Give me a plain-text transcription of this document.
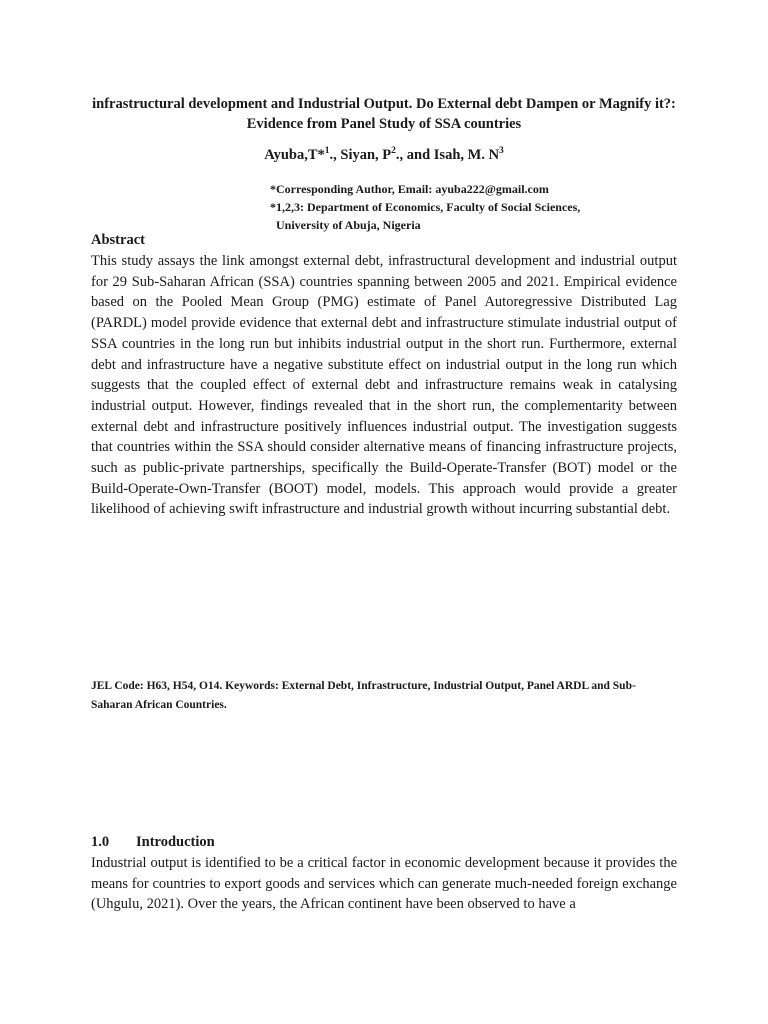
infrastructural development and Industrial Output. Do External debt Dampen or Magnify it?: Evidence from Panel Study of SSA countries
Ayuba,T*$^1$., Siyan, $P^2$., and Isah, M. $N^3$
*Corresponding Author, Email: ayuba222@gmail.com
*1,2,3: Department of Economics, Faculty of Social Sciences,
University of Abuja, Nigeria
Abstract

This study assays the link amongst external debt, infrastructural development and industrial output for 29 Sub-Saharan African (SSA) countries spanning between 2005 and 2021. Empirical evidence based on the Pooled Mean Group (PMG) estimate of Panel Autoregressive Distributed Lag (PARDL) model provide evidence that external debt and infrastructure stimulate industrial output of SSA countries in the long run but inhibits industrial output in the short run. Furthermore, external debt and infrastructure have a negative substitute effect on industrial output in the long run which suggests that the coupled effect of external debt and infrastructure remains weak in catalysing industrial output. However, findings revealed that in the short run, the complementarity between external debt and infrastructure positively influences industrial output. The investigation suggests that countries within the SSA should consider alternative means of financing infrastructure projects, such as public-private partnerships, specifically the Build-Operate-Transfer (BOT) model or the Build-Operate-Own-Transfer (BOOT) model, models. This approach would provide a greater likelihood of achieving swift infrastructure and industrial growth without incurring substantial debt.

JEL Code: H63, H54, O14. Keywords: External Debt, Infrastructure, Industrial Output, Panel ARDL and Sub-Saharan African Countries.

1.0 Introduction

Industrial output is identified to be a critical factor in economic development because it provides the means for countries to export goods and services which can generate much-needed foreign exchange (Uhgulu, 2021). Over the years, the African continent have been observed to have a
